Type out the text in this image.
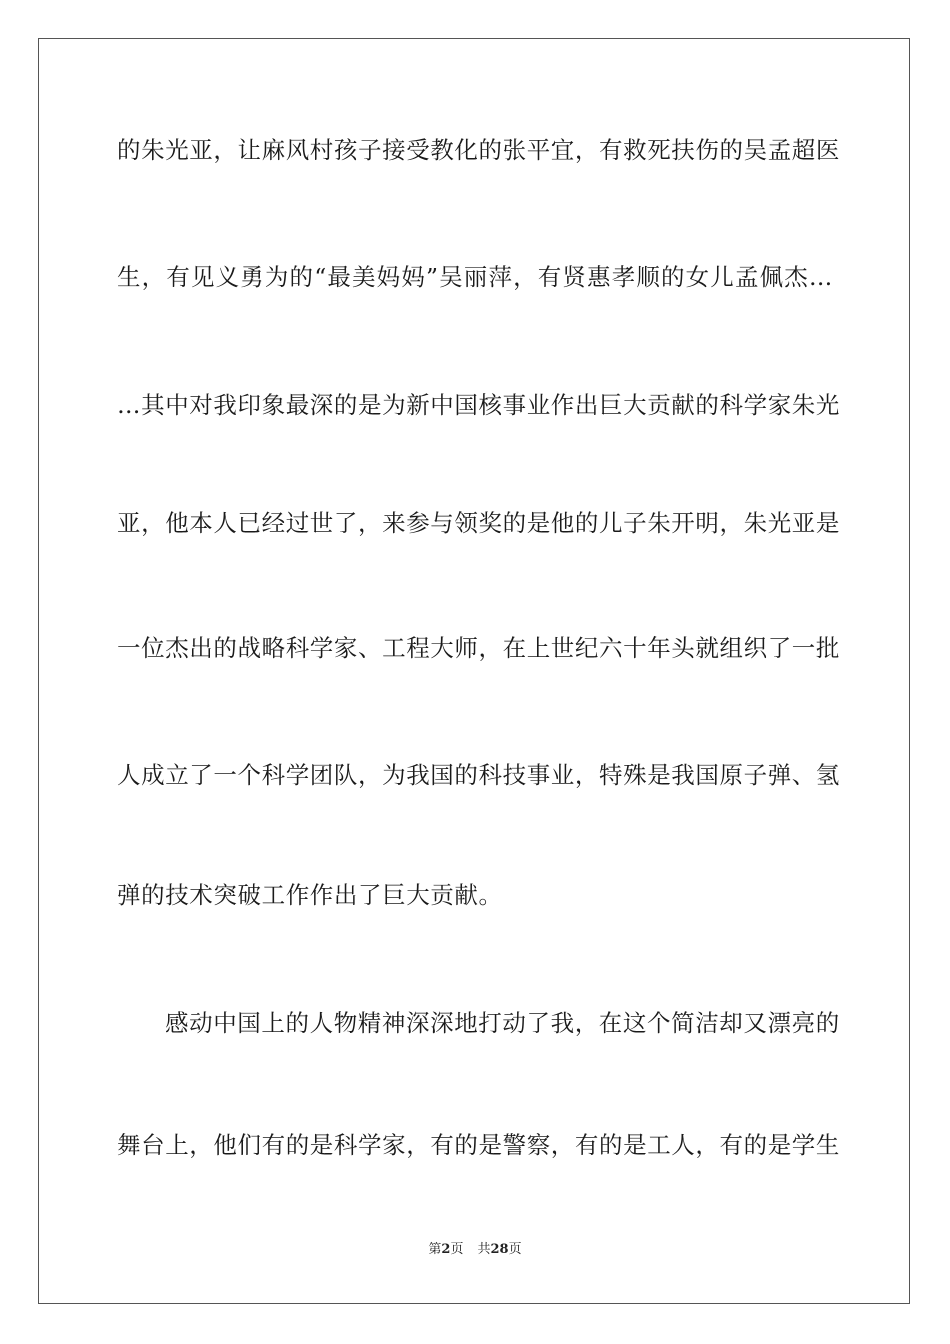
的朱光亚，让麻风村孩子接受教化的张平宜，有救死扶伤的吴孟超医
生，有见义勇为的“最美妈妈”吴丽萍，有贤惠孝顺的女儿孟佩杰…
…其中对我印象最深的是为新中国核事业作出巨大贡献的科学家朱光
亚，他本人已经过世了，来参与领奖的是他的儿子朱开明，朱光亚是
一位杰出的战略科学家、工程大师，在上世纪六十年头就组织了一批
人成立了一个科学团队，为我国的科技事业，特殊是我国原子弹、氢
弹的技术突破工作作出了巨大贡献。
感动中国上的人物精神深深地打动了我，在这个简洁却又漂亮的
舞台上，他们有的是科学家，有的是警察，有的是工人，有的是学生
第2页 共28页
